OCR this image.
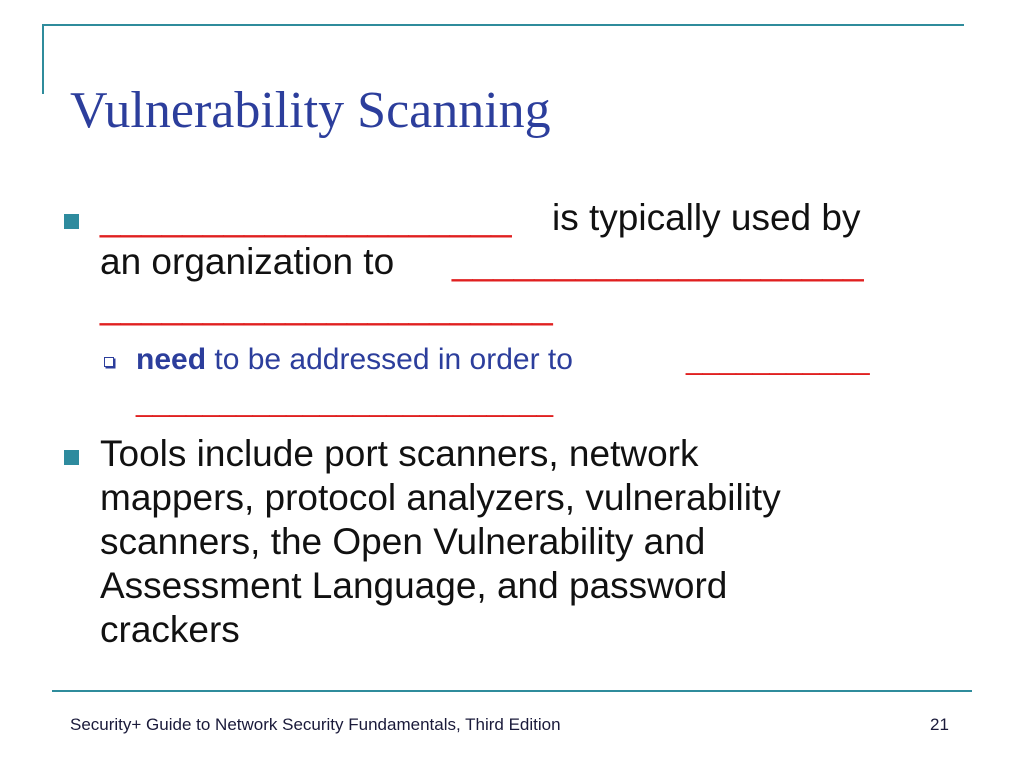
Vulnerability Scanning
____________________ is typically used by
an organization to ____________________
______________________
need to be addressed in order to	___________
_________________________
Tools include port scanners, network
mappers, protocol analyzers, vulnerability
scanners, the Open Vulnerability and
Assessment Language, and password
crackers
Security+ Guide to Network Security Fundamentals, Third Edition	21
